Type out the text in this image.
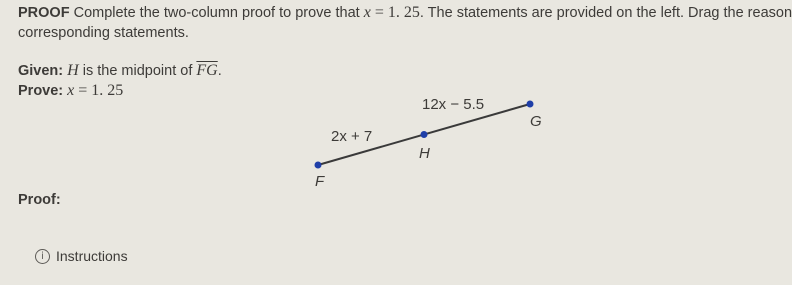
PROOF Complete the two-column proof to prove that x = 1. 25. The statements are provided on the left. Drag the reason
corresponding statements.
Given: H is the midpoint of $\overline{FG}$.
Prove: x = 1. 25
12x − 5.5
2x + 7
G
H
F
Proof:
i Instructions
